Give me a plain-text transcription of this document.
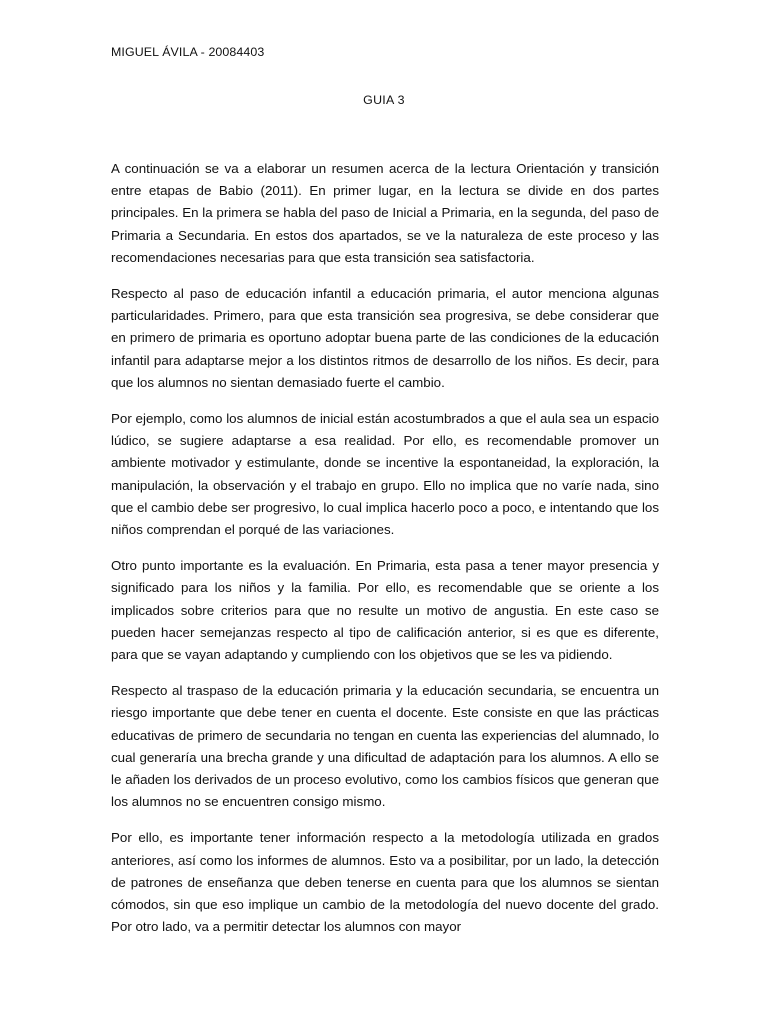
MIGUEL ÁVILA - 20084403
GUIA 3

A continuación se va a elaborar un resumen acerca de la lectura Orientación y transición entre etapas de Babio (2011). En primer lugar, en la lectura se divide en dos partes principales. En la primera se habla del paso de Inicial a Primaria, en la segunda, del paso de Primaria a Secundaria. En estos dos apartados, se ve la naturaleza de este proceso y las recomendaciones necesarias para que esta transición sea satisfactoria.

Respecto al paso de educación infantil a educación primaria, el autor menciona algunas particularidades. Primero, para que esta transición sea progresiva, se debe considerar que en primero de primaria es oportuno adoptar buena parte de las condiciones de la educación infantil para adaptarse mejor a los distintos ritmos de desarrollo de los niños. Es decir, para que los alumnos no sientan demasiado fuerte el cambio.

Por ejemplo, como los alumnos de inicial están acostumbrados a que el aula sea un espacio lúdico, se sugiere adaptarse a esa realidad. Por ello, es recomendable promover un ambiente motivador y estimulante, donde se incentive la espontaneidad, la exploración, la manipulación, la observación y el trabajo en grupo. Ello no implica que no varíe nada, sino que el cambio debe ser progresivo, lo cual implica hacerlo poco a poco, e intentando que los niños comprendan el porqué de las variaciones.

Otro punto importante es la evaluación. En Primaria, esta pasa a tener mayor presencia y significado para los niños y la familia. Por ello, es recomendable que se oriente a los implicados sobre criterios para que no resulte un motivo de angustia. En este caso se pueden hacer semejanzas respecto al tipo de calificación anterior, si es que es diferente, para que se vayan adaptando y cumpliendo con los objetivos que se les va pidiendo.

Respecto al traspaso de la educación primaria y la educación secundaria, se encuentra un riesgo importante que debe tener en cuenta el docente. Este consiste en que las prácticas educativas de primero de secundaria no tengan en cuenta las experiencias del alumnado, lo cual generaría una brecha grande y una dificultad de adaptación para los alumnos. A ello se le añaden los derivados de un proceso evolutivo, como los cambios físicos que generan que los alumnos no se encuentren consigo mismo.

Por ello, es importante tener información respecto a la metodología utilizada en grados anteriores, así como los informes de alumnos. Esto va a posibilitar, por un lado, la detección de patrones de enseñanza que deben tenerse en cuenta para que los alumnos se sientan cómodos, sin que eso implique un cambio de la metodología del nuevo docente del grado. Por otro lado, va a permitir detectar los alumnos con mayor
